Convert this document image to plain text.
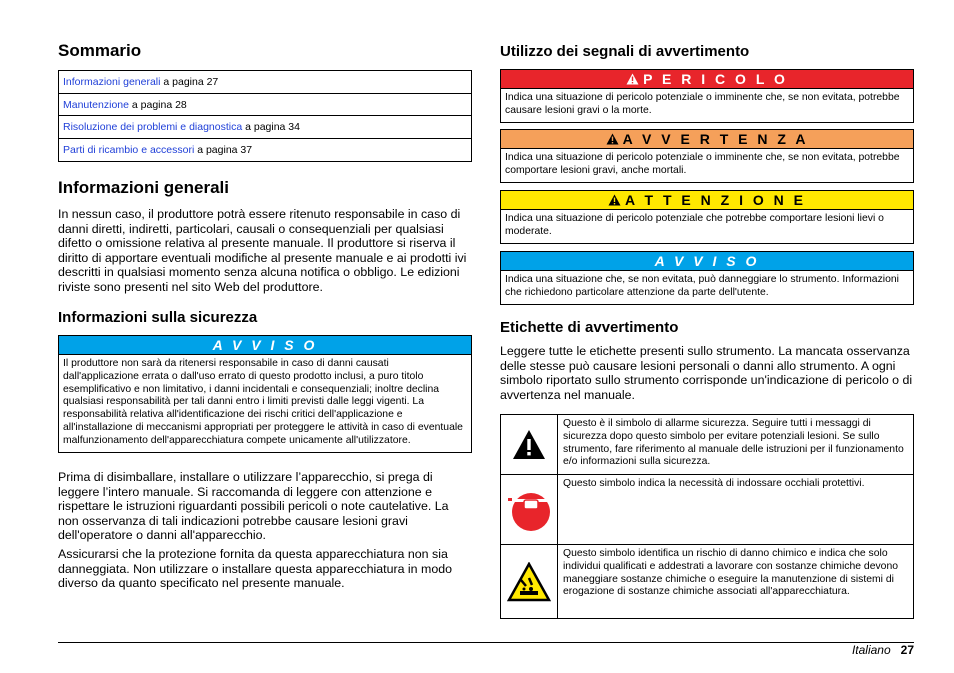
Sommario
Informazioni generali a pagina 27
Manutenzione a pagina 28
Risoluzione dei problemi e diagnostica a pagina 34
Parti di ricambio e accessori a pagina 37
Informazioni generali

In nessun caso, il produttore potrà essere ritenuto responsabile in caso di danni diretti, indiretti, particolari, causali o consequenziali per qualsiasi difetto o omissione relativa al presente manuale. Il produttore si riserva il diritto di apportare eventuali modifiche al presente manuale e ai prodotti ivi descritti in qualsiasi momento senza alcuna notifica o obbligo. Le edizioni riviste sono presenti nel sito Web del produttore.

Informazioni sulla sicurezza
A V V I S O
Il produttore non sarà da ritenersi responsabile in caso di danni causati dall'applicazione errata o dall'uso errato di questo prodotto inclusi, a puro titolo esemplificativo e non limitativo, i danni incidentali e consequenziali; inoltre declina qualsiasi responsabilità per tali danni entro i limiti previsti dalle leggi vigenti. La responsabilità relativa all'identificazione dei rischi critici dell'applicazione e all'installazione di meccanismi appropriati per proteggere le attività in caso di eventuale malfunzionamento dell'apparecchiatura compete unicamente all'utilizzatore.

Prima di disimballare, installare o utilizzare l’apparecchio, si prega di leggere l’intero manuale. Si raccomanda di leggere con attenzione e rispettare le istruzioni riguardanti possibili pericoli o note cautelative. La non osservanza di tali indicazioni potrebbe causare lesioni gravi dell'operatore o danni all'apparecchio.

Assicurarsi che la protezione fornita da questa apparecchiatura non sia danneggiata. Non utilizzare o installare questa apparecchiatura in modo diverso da quanto specificato nel presente manuale.

Utilizzo dei segnali di avvertimento
P E R I C O L O
Indica una situazione di pericolo potenziale o imminente che, se non evitata, potrebbe causare lesioni gravi o la morte.
A V V E R T E N Z A
Indica una situazione di pericolo potenziale o imminente che, se non evitata, potrebbe comportare lesioni gravi, anche mortali.
A T T E N Z I O N E
Indica una situazione di pericolo potenziale che potrebbe comportare lesioni lievi o moderate.
A V V I S O
Indica una situazione che, se non evitata, può danneggiare lo strumento. Informazioni che richiedono particolare attenzione da parte dell'utente.
Etichette di avvertimento

Leggere tutte le etichette presenti sullo strumento. La mancata osservanza delle stesse può causare lesioni personali o danni allo strumento. A ogni simbolo riportato sullo strumento corrisponde un'indicazione di pericolo o di avvertenza nel manuale.

Questo è il simbolo di allarme sicurezza. Seguire tutti i messaggi di sicurezza dopo questo simbolo per evitare potenziali lesioni. Se sullo strumento, fare riferimento al manuale delle istruzioni per il funzionamento e/o informazioni sulla sicurezza.
Questo simbolo indica la necessità di indossare occhiali protettivi.
Questo simbolo identifica un rischio di danno chimico e indica che solo individui qualificati e addestrati a lavorare con sostanze chimiche devono maneggiare sostanze chimiche o eseguire la manutenzione di sistemi di erogazione di sostanze chimiche associati all'apparecchiatura.
Italiano 27
